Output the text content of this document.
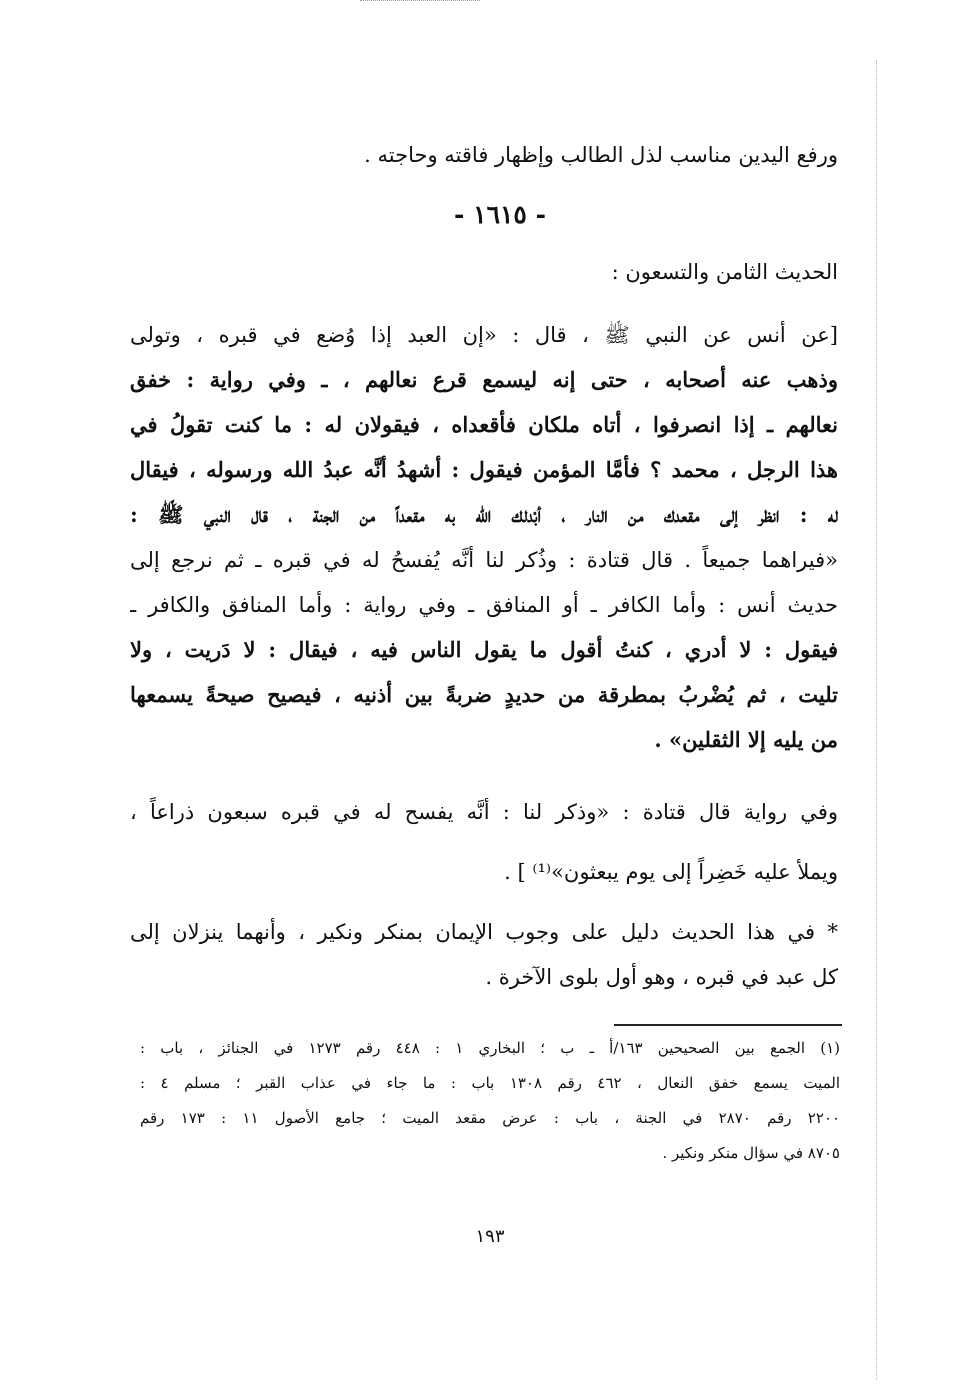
ورفع اليدين مناسب لذل الطالب وإظهار فاقته وحاجته .
- ١٦١٥ -
الحديث الثامن والتسعون :
[عن أنس عن النبي ﷺ ، قال : «إن العبد إذا وُضع في قبره ، وتولى
وذهب عنه أصحابه ، حتى إنه ليسمع قرع نعالهم ، ـ وفي رواية : خفق
نعالهم ـ إذا انصرفوا ، أتاه ملكان فأقعداه ، فيقولان له : ما كنت تقولُ في
هذا الرجل ، محمد ؟ فأمَّا المؤمن فيقول : أشهدُ أنَّه عبدُ الله ورسوله ، فيقال
له : انظر إلى مقعدك من النار ، أبْدلك الله به مقعداً من الجنة ، قال النبي ﷺ :
«فيراهما جميعاً . قال قتادة : وذُكر لنا أنَّه يُفسحُ له في قبره ـ ثم نرجع إلى
حديث أنس : وأما الكافر ـ أو المنافق ـ وفي رواية : وأما المنافق والكافر ـ
فيقول : لا أدري ، كنتُ أقول ما يقول الناس فيه ، فيقال : لا دَريت ، ولا
تليت ، ثم يُضْربُ بمطرقة من حديدٍ ضربةً بين أذنيه ، فيصيح صيحةً يسمعها
من يليه إلا الثقلين» .
وفي رواية قال قتادة : «وذكر لنا : أنَّه يفسح له في قبره سبعون ذراعاً ،
ويملأ عليه خَضِراً إلى يوم يبعثون»⁽¹⁾ ] .
* في هذا الحديث دليل على وجوب الإيمان بمنكر ونكير ، وأنهما ينزلان إلى
كل عبد في قبره ، وهو أول بلوى الآخرة .
(١) الجمع بين الصحيحين ١٦٣/أ ـ ب ؛ البخاري ١ : ٤٤٨ رقم ١٢٧٣ في الجنائز ، باب :
الميت يسمع خفق النعال ، ٤٦٢ رقم ١٣٠٨ باب : ما جاء في عذاب القبر ؛ مسلم ٤ :
٢٢٠٠ رقم ٢٨٧٠ في الجنة ، باب : عرض مقعد الميت ؛ جامع الأصول ١١ : ١٧٣ رقم
٨٧٠٥ في سؤال منكر ونكير .
١٩٣
